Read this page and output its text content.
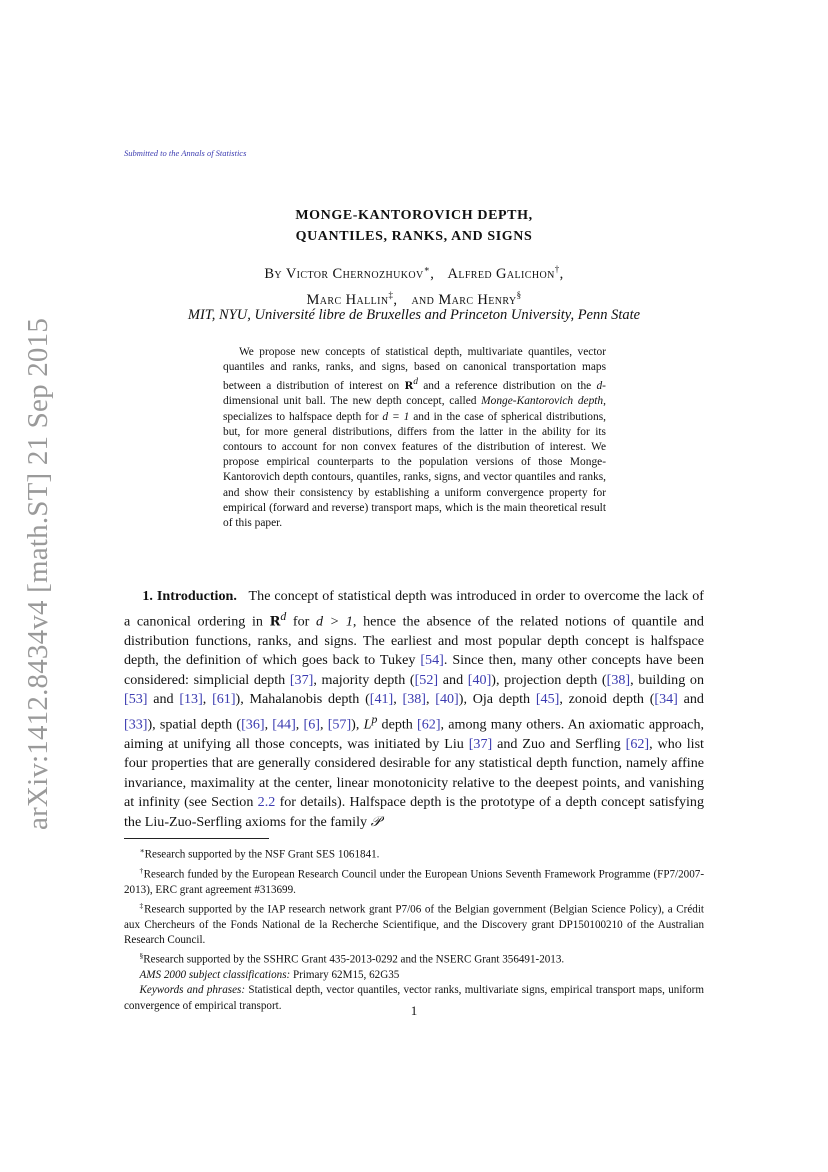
Submitted to the Annals of Statistics
arXiv:1412.8434v4 [math.ST] 21 Sep 2015
MONGE-KANTOROVICH DEPTH,
QUANTILES, RANKS, AND SIGNS
By Victor Chernozhukov∗, Alfred Galichon†,
Marc Hallin‡, and Marc Henry§
MIT, NYU, Université libre de Bruxelles and Princeton University, Penn State

We propose new concepts of statistical depth, multivariate quantiles, vector quantiles and ranks, ranks, and signs, based on canonical transportation maps between a distribution of interest on $R^d$ and a reference distribution on the d-dimensional unit ball. The new depth concept, called Monge-Kantorovich depth, specializes to halfspace depth for d = 1 and in the case of spherical distributions, but, for more general distributions, differs from the latter in the ability for its contours to account for non convex features of the distribution of interest. We propose empirical counterparts to the population versions of those Monge-Kantorovich depth contours, quantiles, ranks, signs, and vector quantiles and ranks, and show their consistency by establishing a uniform convergence property for empirical (forward and reverse) transport maps, which is the main theoretical result of this paper.

1. Introduction. The concept of statistical depth was introduced in order to overcome the lack of a canonical ordering in $R^d$ for d > 1, hence the absence of the related notions of quantile and distribution functions, ranks, and signs. The earliest and most popular depth concept is halfspace depth, the definition of which goes back to Tukey [54]. Since then, many other concepts have been considered: simplicial depth [37], majority depth ([52] and [40]), projection depth ([38], building on [53] and [13], [61]), Mahalanobis depth ([41], [38], [40]), Oja depth [45], zonoid depth ([34] and [33]), spatial depth ([36], [44], [6], [57]), $L^p$ depth [62], among many others. An axiomatic approach, aiming at unifying all those concepts, was initiated by Liu [37] and Zuo and Serfling [62], who list four properties that are generally considered desirable for any statistical depth function, namely affine invariance, maximality at the center, linear monotonicity relative to the deepest points, and vanishing at infinity (see Section 2.2 for details). Halfspace depth is the prototype of a depth concept satisfying the Liu-Zuo-Serfling axioms for the family 𝒫

∗Research supported by the NSF Grant SES 1061841.

†Research funded by the European Research Council under the European Unions Seventh Framework Programme (FP7/2007-2013), ERC grant agreement #313699.

‡Research supported by the IAP research network grant P7/06 of the Belgian government (Belgian Science Policy), a Crédit aux Chercheurs of the Fonds National de la Recherche Scientifique, and the Discovery grant DP150100210 of the Australian Research Council.

§Research supported by the SSHRC Grant 435-2013-0292 and the NSERC Grant 356491-2013.

AMS 2000 subject classifications: Primary 62M15, 62G35

Keywords and phrases: Statistical depth, vector quantiles, vector ranks, multivariate signs, empirical transport maps, uniform convergence of empirical transport.	1
